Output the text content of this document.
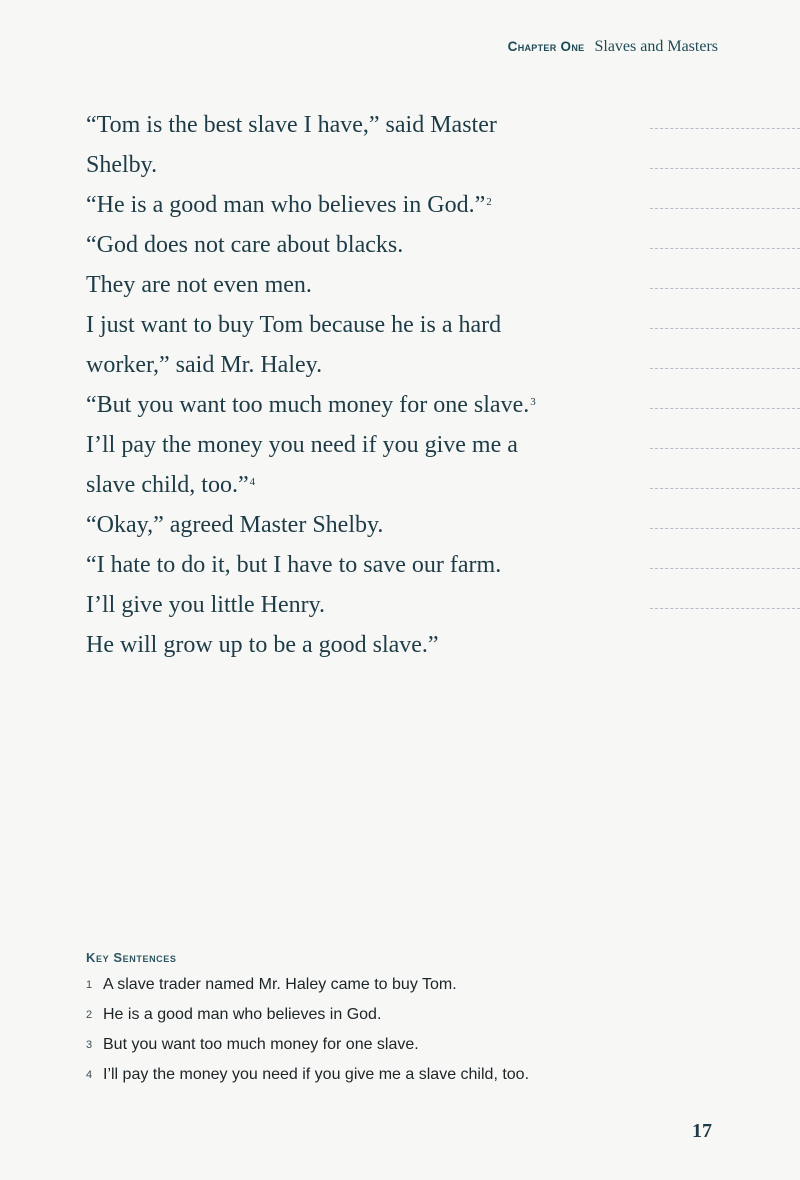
Chapter One Slaves and Masters
“Tom is the best slave I have,” said Master
Shelby.
“He is a good man who believes in God.”$^2$
“God does not care about blacks.
They are not even men.
I just want to buy Tom because he is a hard
worker,” said Mr. Haley.
“But you want too much money for one slave.$^3$
I’ll pay the money you need if you give me a
slave child, too.”$^4$
“Okay,” agreed Master Shelby.
“I hate to do it, but I have to save our farm.
I’ll give you little Henry.
He will grow up to be a good slave.”
Key Sentences
1 A slave trader named Mr. Haley came to buy Tom.
2 He is a good man who believes in God.
3 But you want too much money for one slave.
4 I’ll pay the money you need if you give me a slave child, too.
17
